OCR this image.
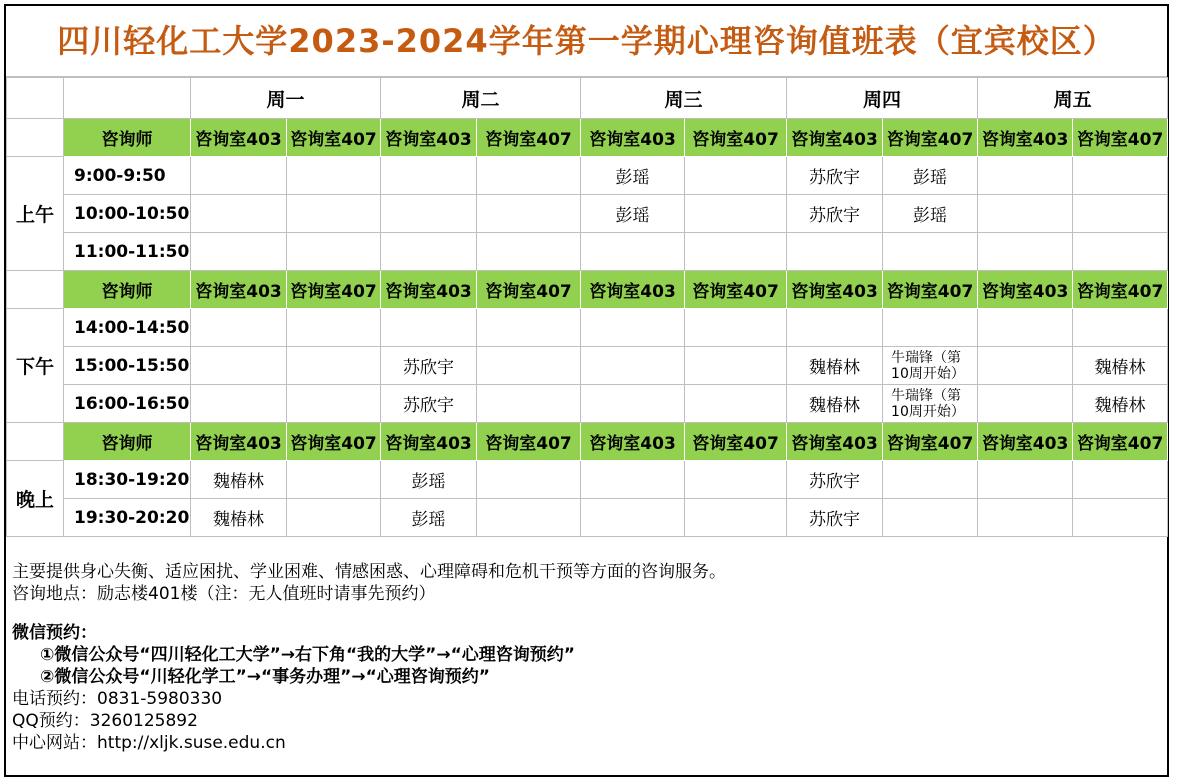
四川轻化工大学2023-2024学年第一学期心理咨询值班表（宜宾校区）
		周一		周二		周三		周四		周五	
	咨询师	咨询室403	咨询室407	咨询室403	咨询室407	咨询室403	咨询室407	咨询室403	咨询室407	咨询室403	咨询室407
上午	9:00-9:50					彭瑶		苏欣宇	彭瑶		
	10:00-10:50					彭瑶		苏欣宇	彭瑶		
	11:00-11:50										
	咨询师	咨询室403	咨询室407	咨询室403	咨询室407	咨询室403	咨询室407	咨询室403	咨询室407	咨询室403	咨询室407
下午	14:00-14:50										
	15:00-15:50			苏欣宇				魏椿林	牛瑞锋（第10周开始）		魏椿林
	16:00-16:50			苏欣宇				魏椿林	牛瑞锋（第10周开始）		魏椿林
	咨询师	咨询室403	咨询室407	咨询室403	咨询室407	咨询室403	咨询室407	咨询室403	咨询室407	咨询室403	咨询室407
晚上	18:30-19:20	魏椿林		彭瑶				苏欣宇			
	19:30-20:20	魏椿林		彭瑶				苏欣宇			
主要提供身心失衡、适应困扰、学业困难、情感困惑、心理障碍和危机干预等方面的咨询服务。
咨询地点：励志楼401楼（注：无人值班时请事先预约）
微信预约：
①微信公众号“四川轻化工大学”→右下角“我的大学”→“心理咨询预约”
②微信公众号“川轻化学工”→“事务办理”→“心理咨询预约”
电话预约：0831-5980330
QQ预约：3260125892
中心网站：http://xljk.suse.edu.cn
